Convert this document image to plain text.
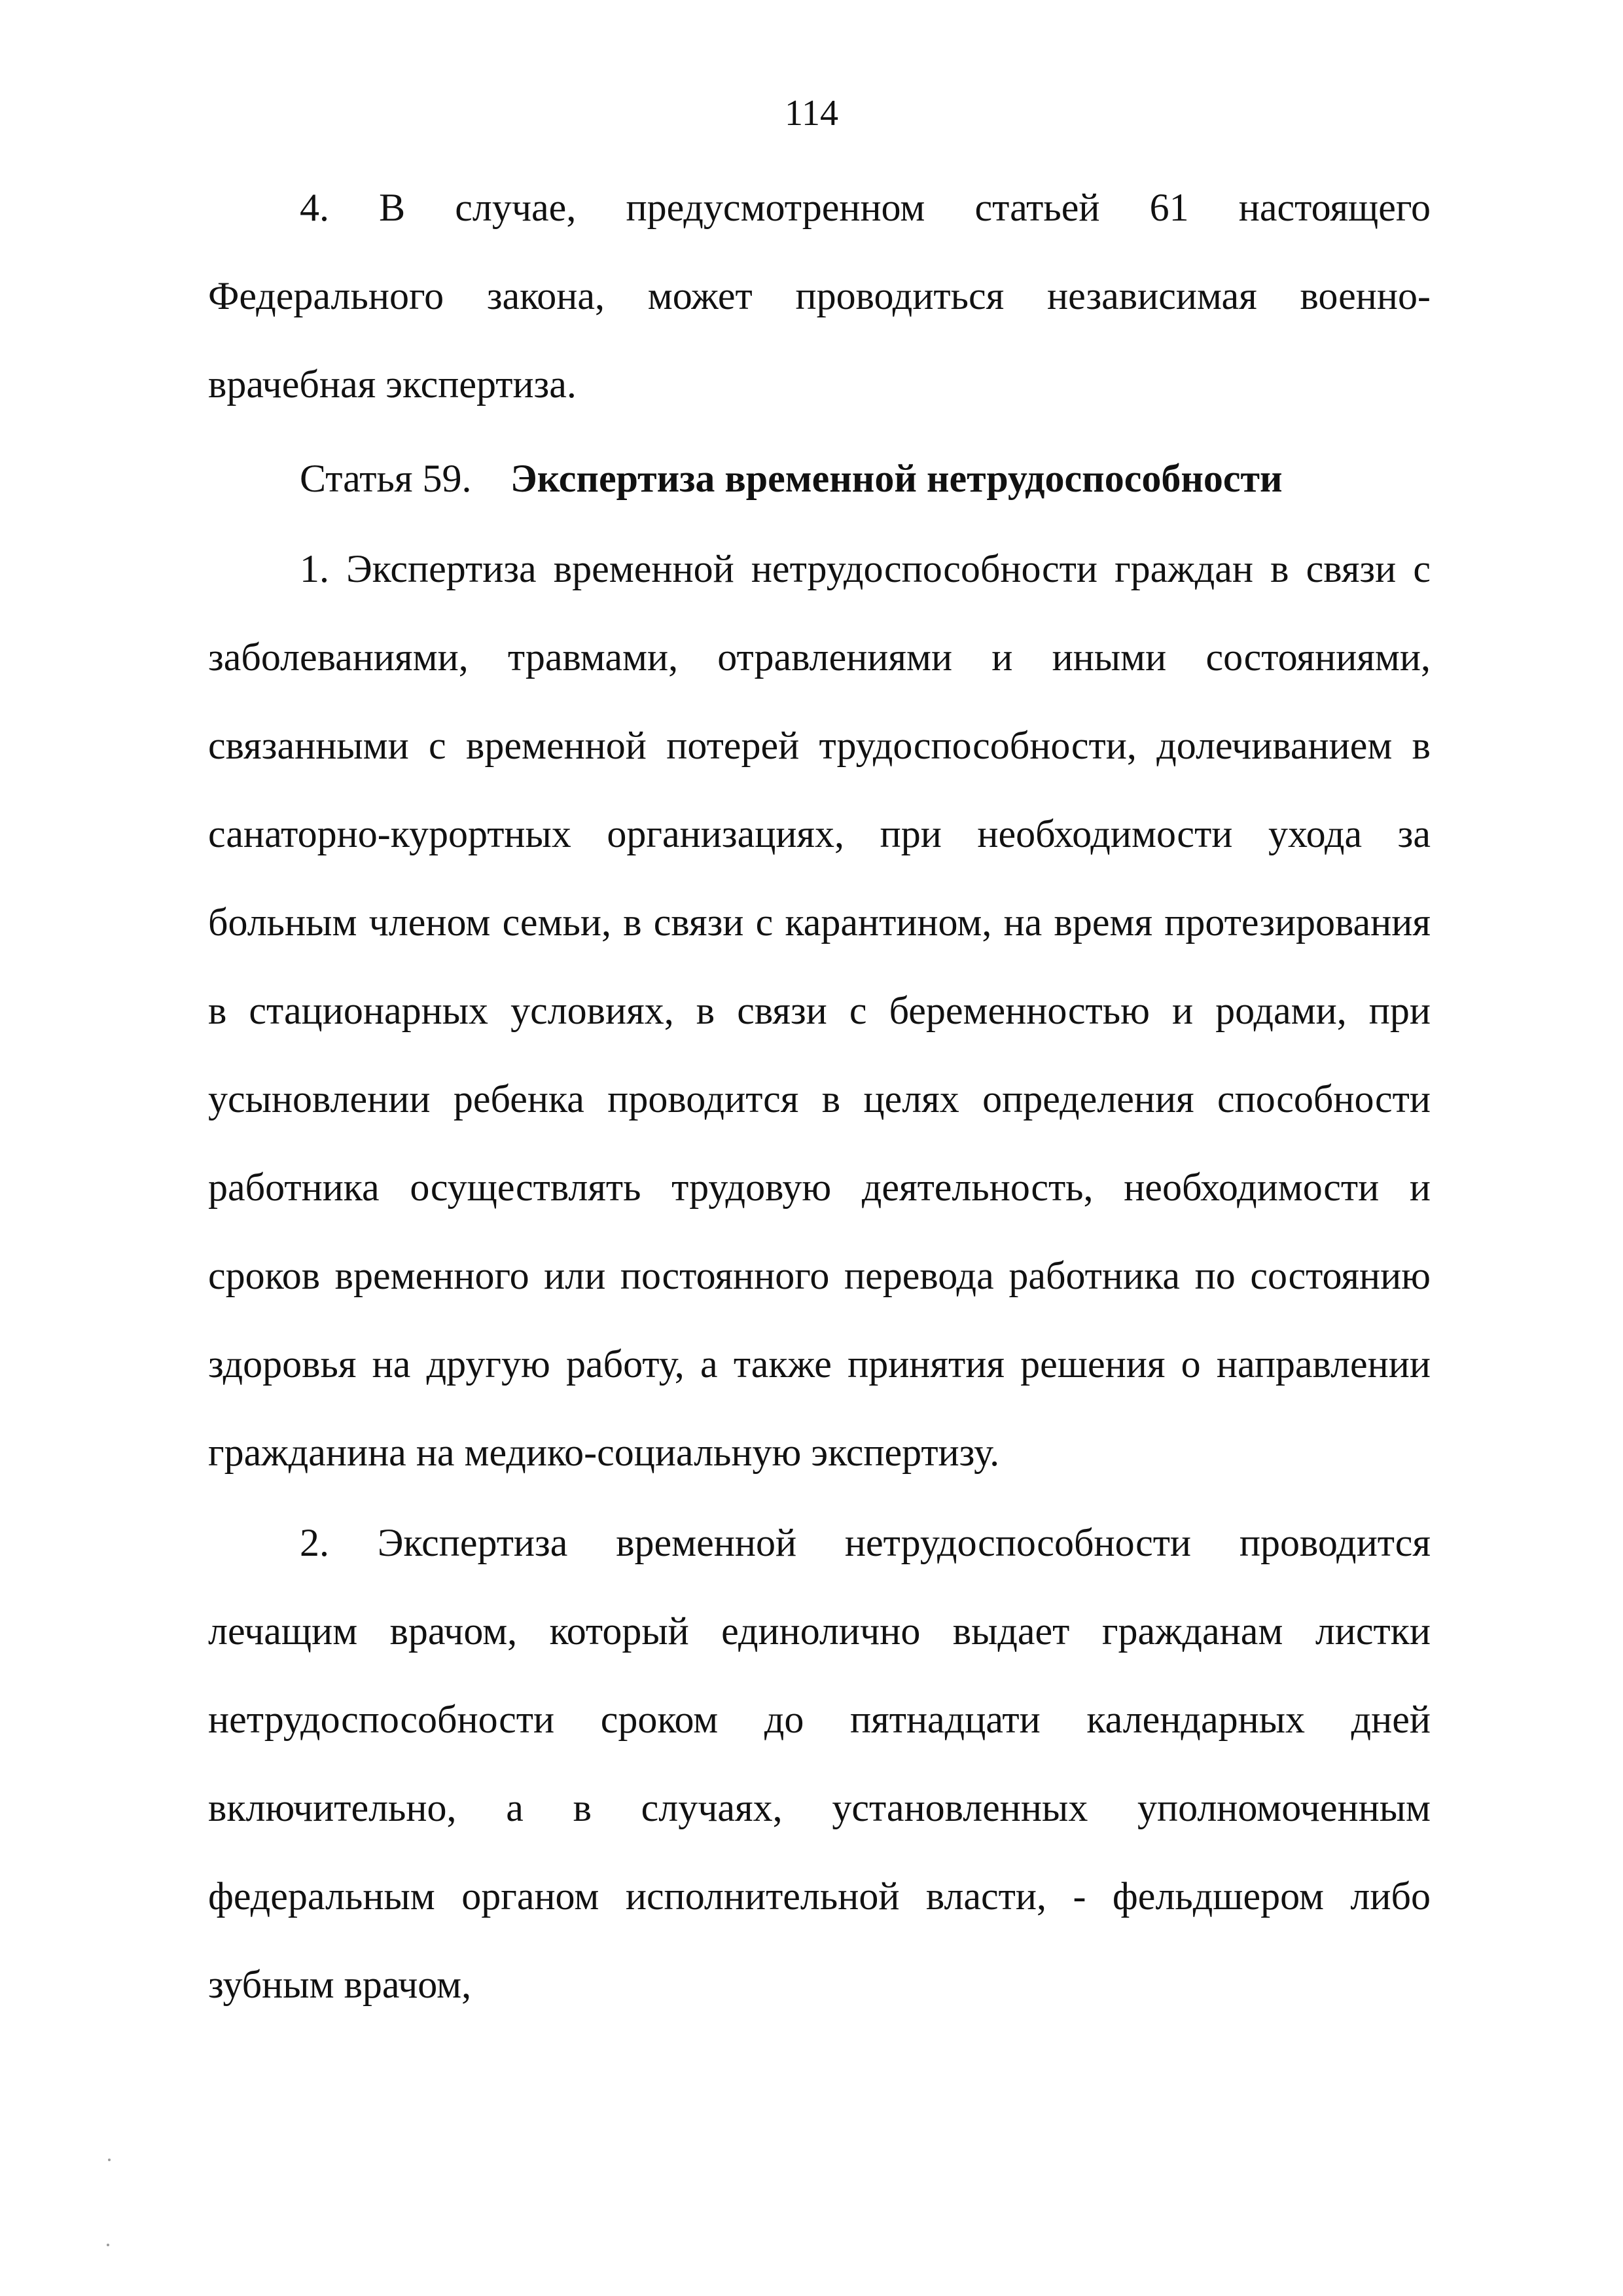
114

4. В случае, предусмотренном статьей 61 настоящего Федерального закона, может проводиться независимая военно-врачебная экспертиза.

Статья 59. Экспертиза временной нетрудоспособности

1. Экспертиза временной нетрудоспособности граждан в связи с заболеваниями, травмами, отравлениями и иными состояниями, связанными с временной потерей трудоспособности, долечиванием в санаторно-курортных организациях, при необходимости ухода за больным членом семьи, в связи с карантином, на время протезирования в стационарных условиях, в связи с беременностью и родами, при усыновлении ребенка проводится в целях определения способности работника осуществлять трудовую деятельность, необходимости и сроков временного или постоянного перевода работника по состоянию здоровья на другую работу, а также принятия решения о направлении гражданина на медико-социальную экспертизу.

2. Экспертиза временной нетрудоспособности проводится лечащим врачом, который единолично выдает гражданам листки нетрудоспособности сроком до пятнадцати календарных дней включительно, а в случаях, установленных уполномоченным федеральным органом исполнительной власти, - фельдшером либо зубным врачом,
